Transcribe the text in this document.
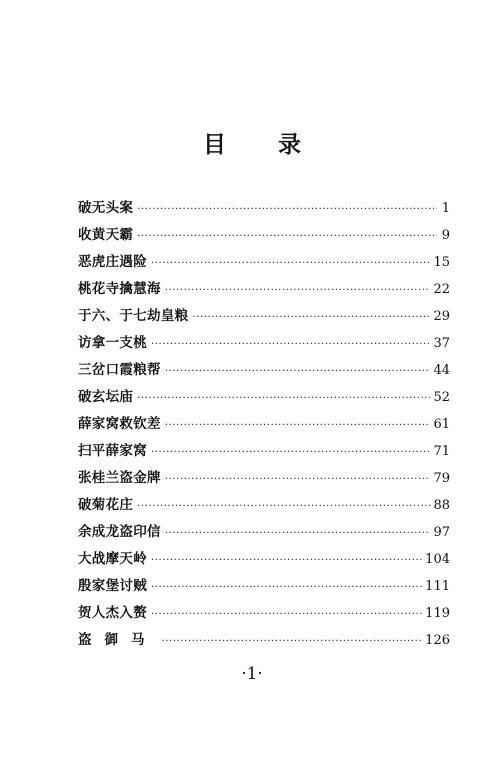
目 录
破无头案 ·····	1
收黄天霸 ·····	9
恶虎庄遇险 ·····	15
桃花寺擒慧海 ·····	22
于六、于七劫皇粮 ·····	29
访拿一支桃 ·····	37
三岔口霞粮帮 ·····	44
破玄坛庙 ·····	52
薛家窝救钦差 ·····	61
扫平薛家窝 ·····	71
张桂兰盗金牌 ·····	79
破菊花庄 ·····	88
余成龙盗印信 ·····	97
大战摩天岭 ·····	104
殷家堡讨贼 ·····	111
贺人杰入赘 ·····	119
盗御马 ·····	126
·1·
